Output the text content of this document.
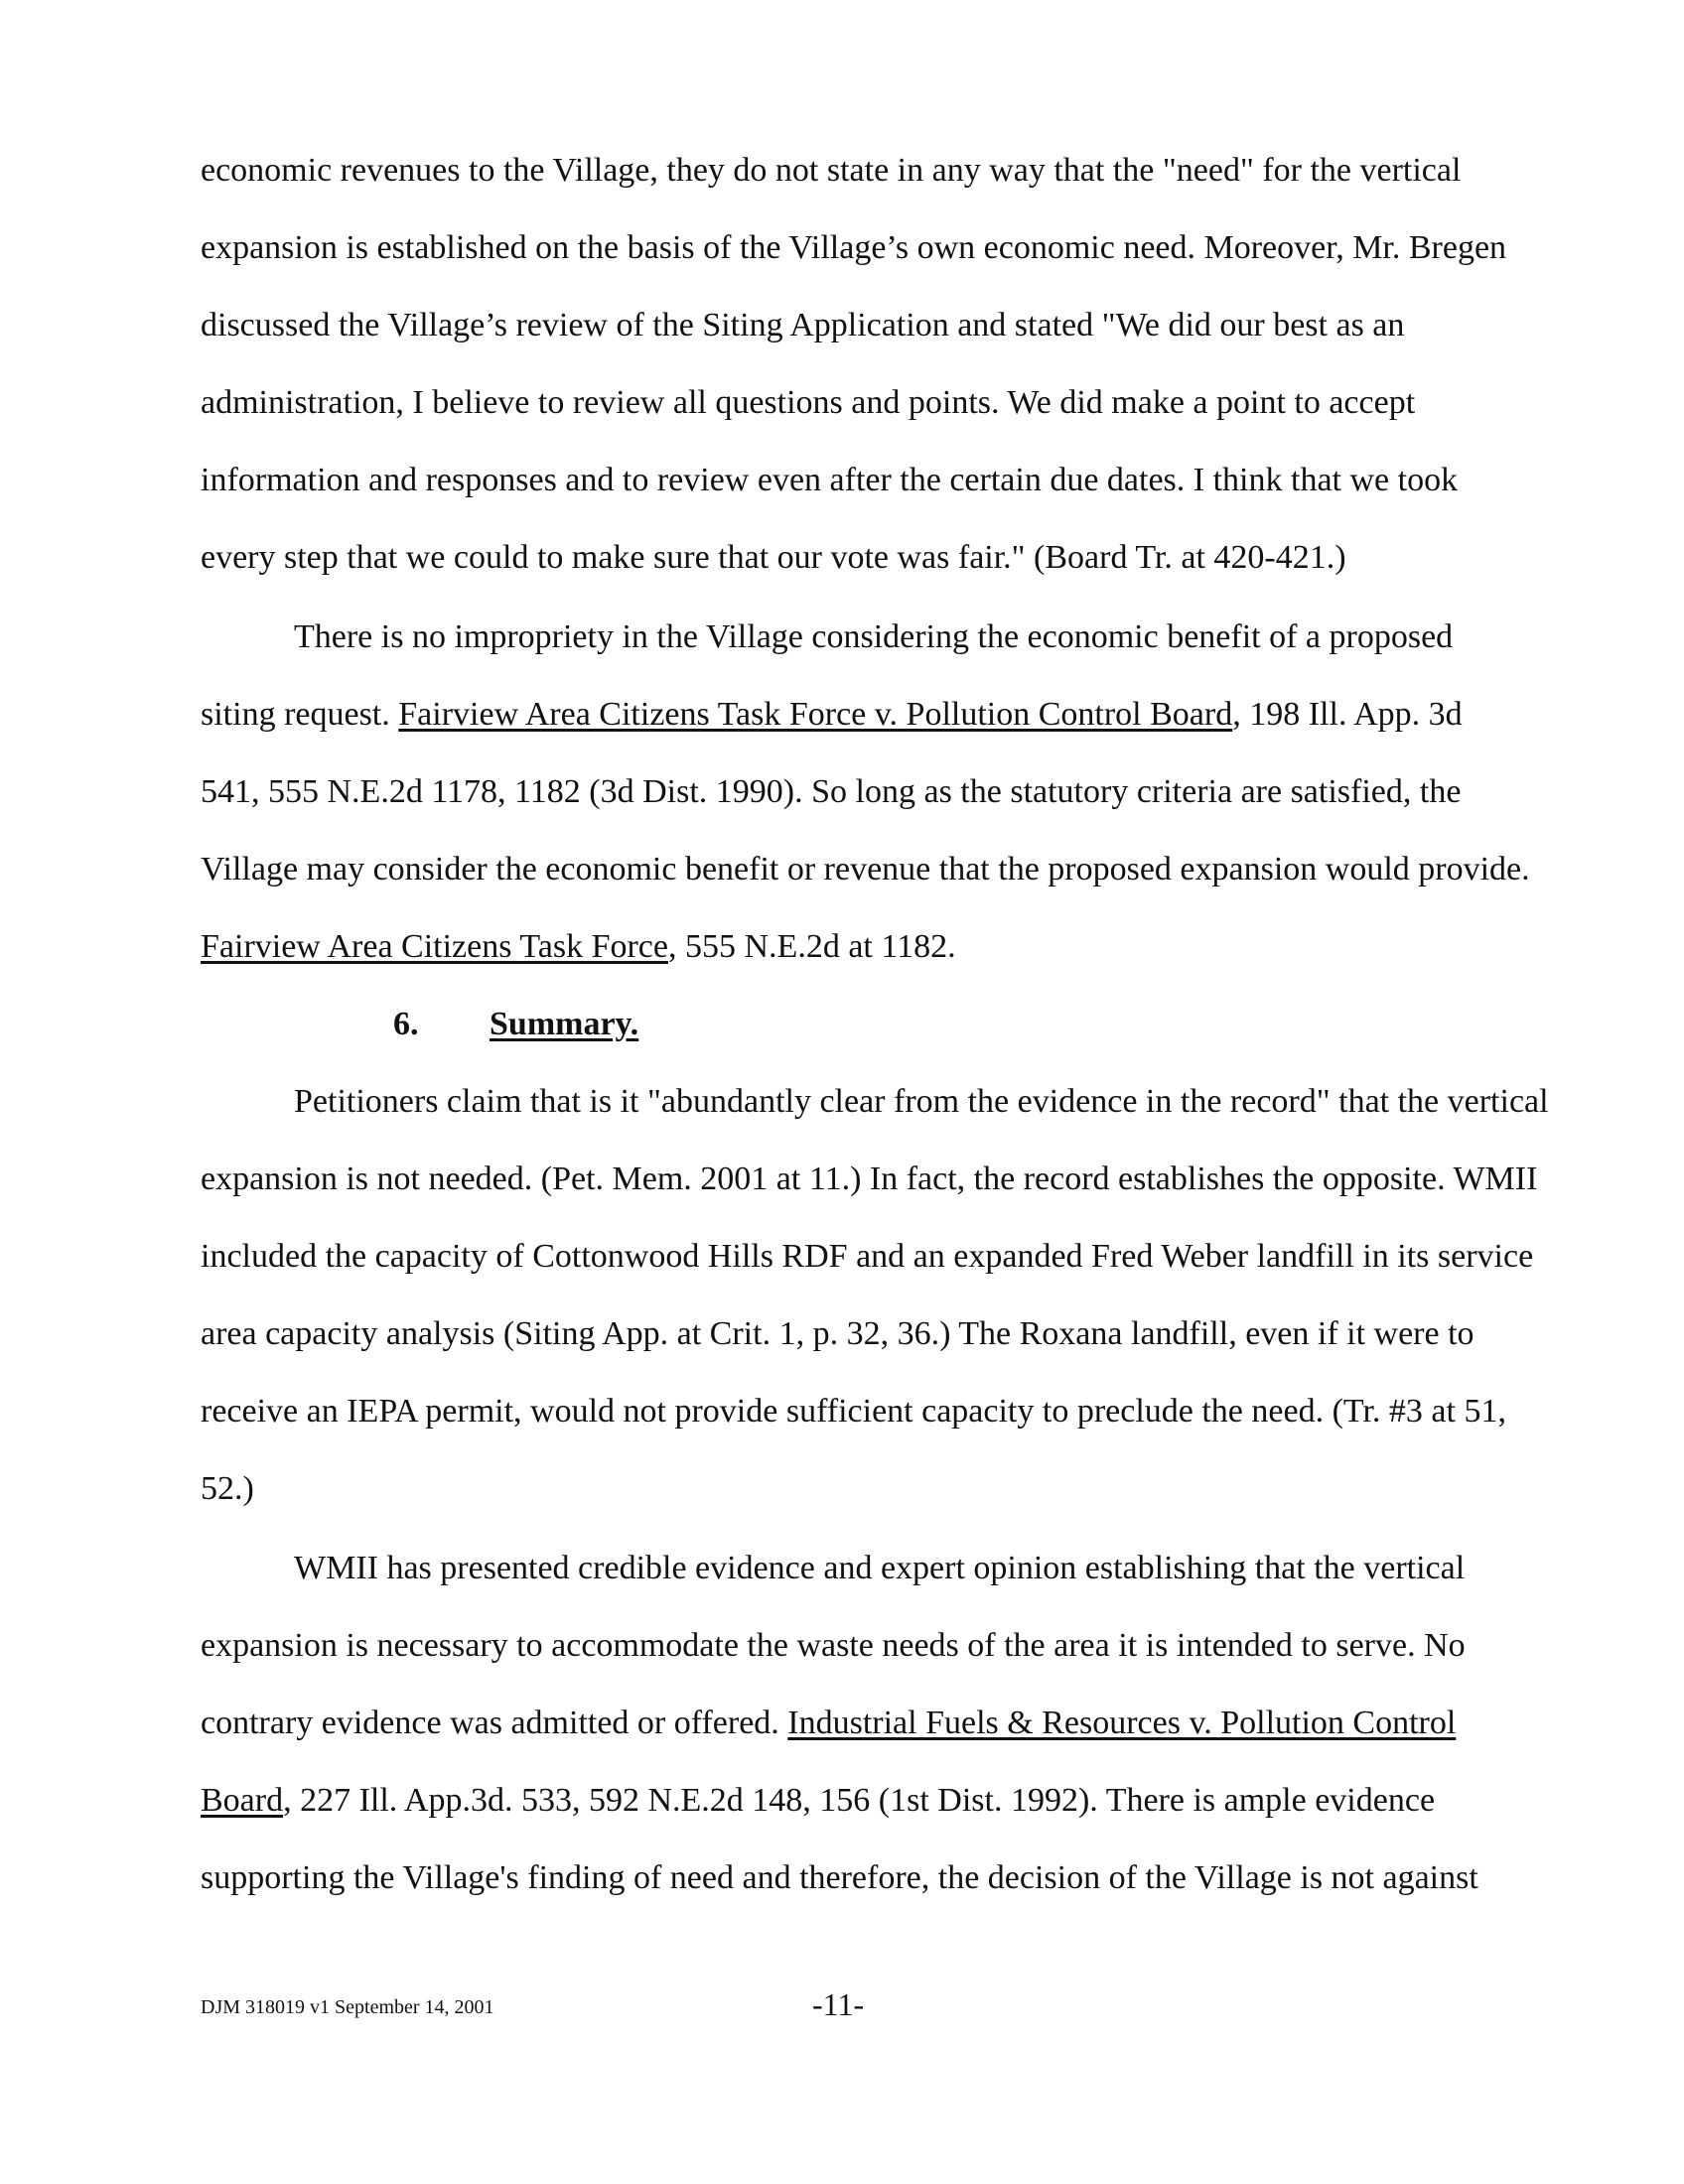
economic revenues to the Village, they do not state in any way that the "need" for the vertical
expansion is established on the basis of the Village’s own economic need. Moreover, Mr. Bregen
discussed the Village’s review of the Siting Application and stated "We did our best as an
administration, I believe to review all questions and points. We did make a point to accept
information and responses and to review even after the certain due dates. I think that we took
every step that we could to make sure that our vote was fair." (Board Tr. at 420-421.)
There is no impropriety in the Village considering the economic benefit of a proposed
siting request. Fairview Area Citizens Task Force v. Pollution Control Board, 198 Ill. App. 3d
541, 555 N.E.2d 1178, 1182 (3d Dist. 1990). So long as the statutory criteria are satisfied, the
Village may consider the economic benefit or revenue that the proposed expansion would provide.
Fairview Area Citizens Task Force, 555 N.E.2d at 1182.
6. Summary.
Petitioners claim that is it "abundantly clear from the evidence in the record" that the vertical
expansion is not needed. (Pet. Mem. 2001 at 11.) In fact, the record establishes the opposite. WMII
included the capacity of Cottonwood Hills RDF and an expanded Fred Weber landfill in its service
area capacity analysis (Siting App. at Crit. 1, p. 32, 36.) The Roxana landfill, even if it were to
receive an IEPA permit, would not provide sufficient capacity to preclude the need. (Tr. #3 at 51,
52.)
WMII has presented credible evidence and expert opinion establishing that the vertical
expansion is necessary to accommodate the waste needs of the area it is intended to serve. No
contrary evidence was admitted or offered. Industrial Fuels & Resources v. Pollution Control
Board, 227 Ill. App.3d. 533, 592 N.E.2d 148, 156 (1st Dist. 1992). There is ample evidence
supporting the Village's finding of need and therefore, the decision of the Village is not against
DJM 318019 v1 September 14, 2001	-11-
